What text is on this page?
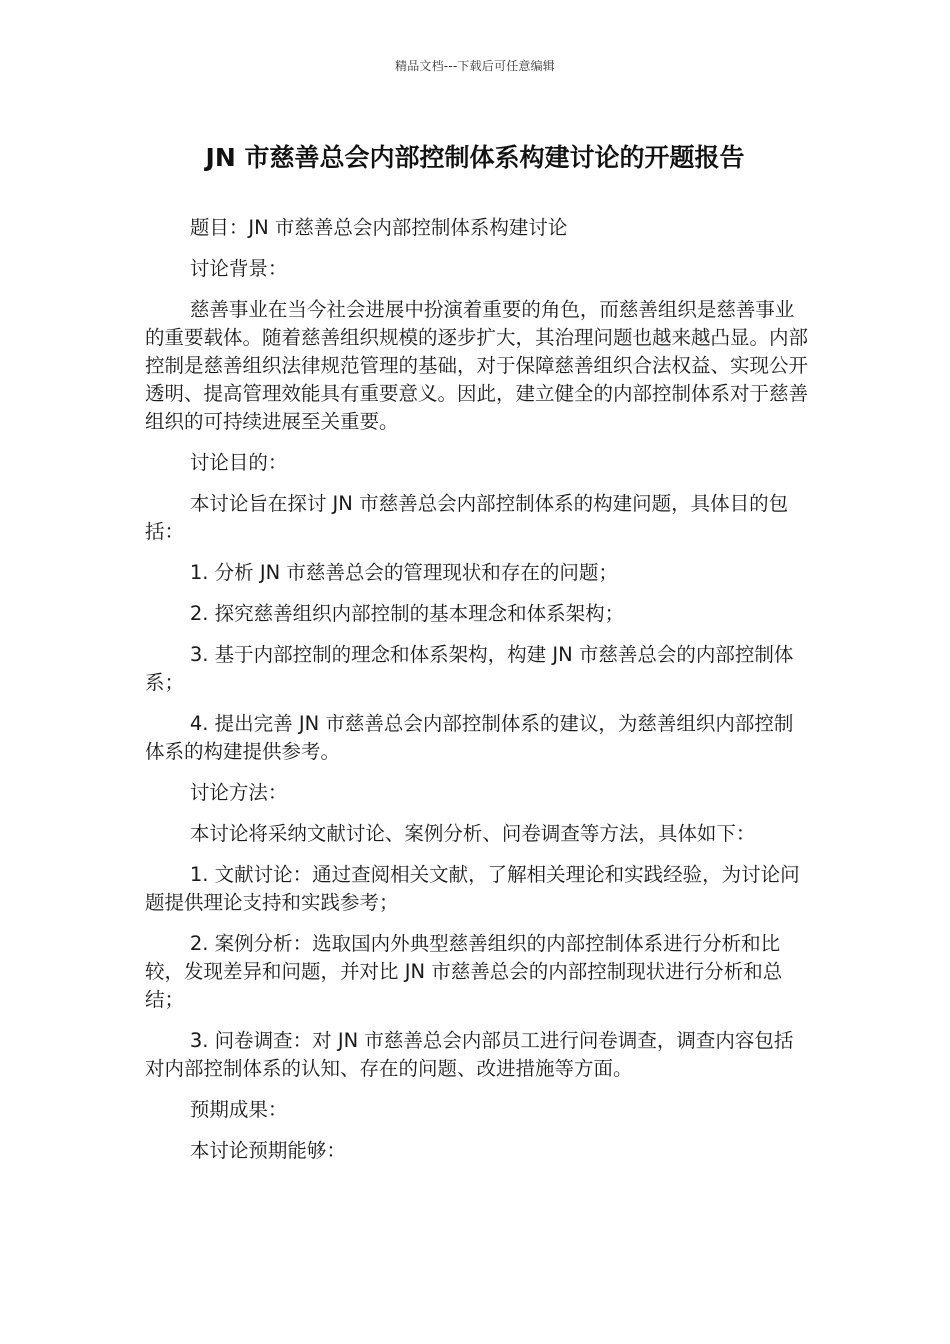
精品文档---下载后可任意编辑
JN 市慈善总会内部控制体系构建讨论的开题报告

题目：JN 市慈善总会内部控制体系构建讨论

讨论背景：

慈善事业在当今社会进展中扮演着重要的角色，而慈善组织是慈善事业的重要载体。随着慈善组织规模的逐步扩大，其治理问题也越来越凸显。内部控制是慈善组织法律规范管理的基础，对于保障慈善组织合法权益、实现公开透明、提高管理效能具有重要意义。因此，建立健全的内部控制体系对于慈善组织的可持续进展至关重要。

讨论目的：

本讨论旨在探讨 JN 市慈善总会内部控制体系的构建问题，具体目的包括：

1. 分析 JN 市慈善总会的管理现状和存在的问题；

2. 探究慈善组织内部控制的基本理念和体系架构；

3. 基于内部控制的理念和体系架构，构建 JN 市慈善总会的内部控制体系；

4. 提出完善 JN 市慈善总会内部控制体系的建议，为慈善组织内部控制体系的构建提供参考。

讨论方法：

本讨论将采纳文献讨论、案例分析、问卷调查等方法，具体如下：

1. 文献讨论：通过查阅相关文献，了解相关理论和实践经验，为讨论问题提供理论支持和实践参考；

2. 案例分析：选取国内外典型慈善组织的内部控制体系进行分析和比较，发现差异和问题，并对比 JN 市慈善总会的内部控制现状进行分析和总结；

3. 问卷调查：对 JN 市慈善总会内部员工进行问卷调查，调查内容包括对内部控制体系的认知、存在的问题、改进措施等方面。

预期成果：

本讨论预期能够：
